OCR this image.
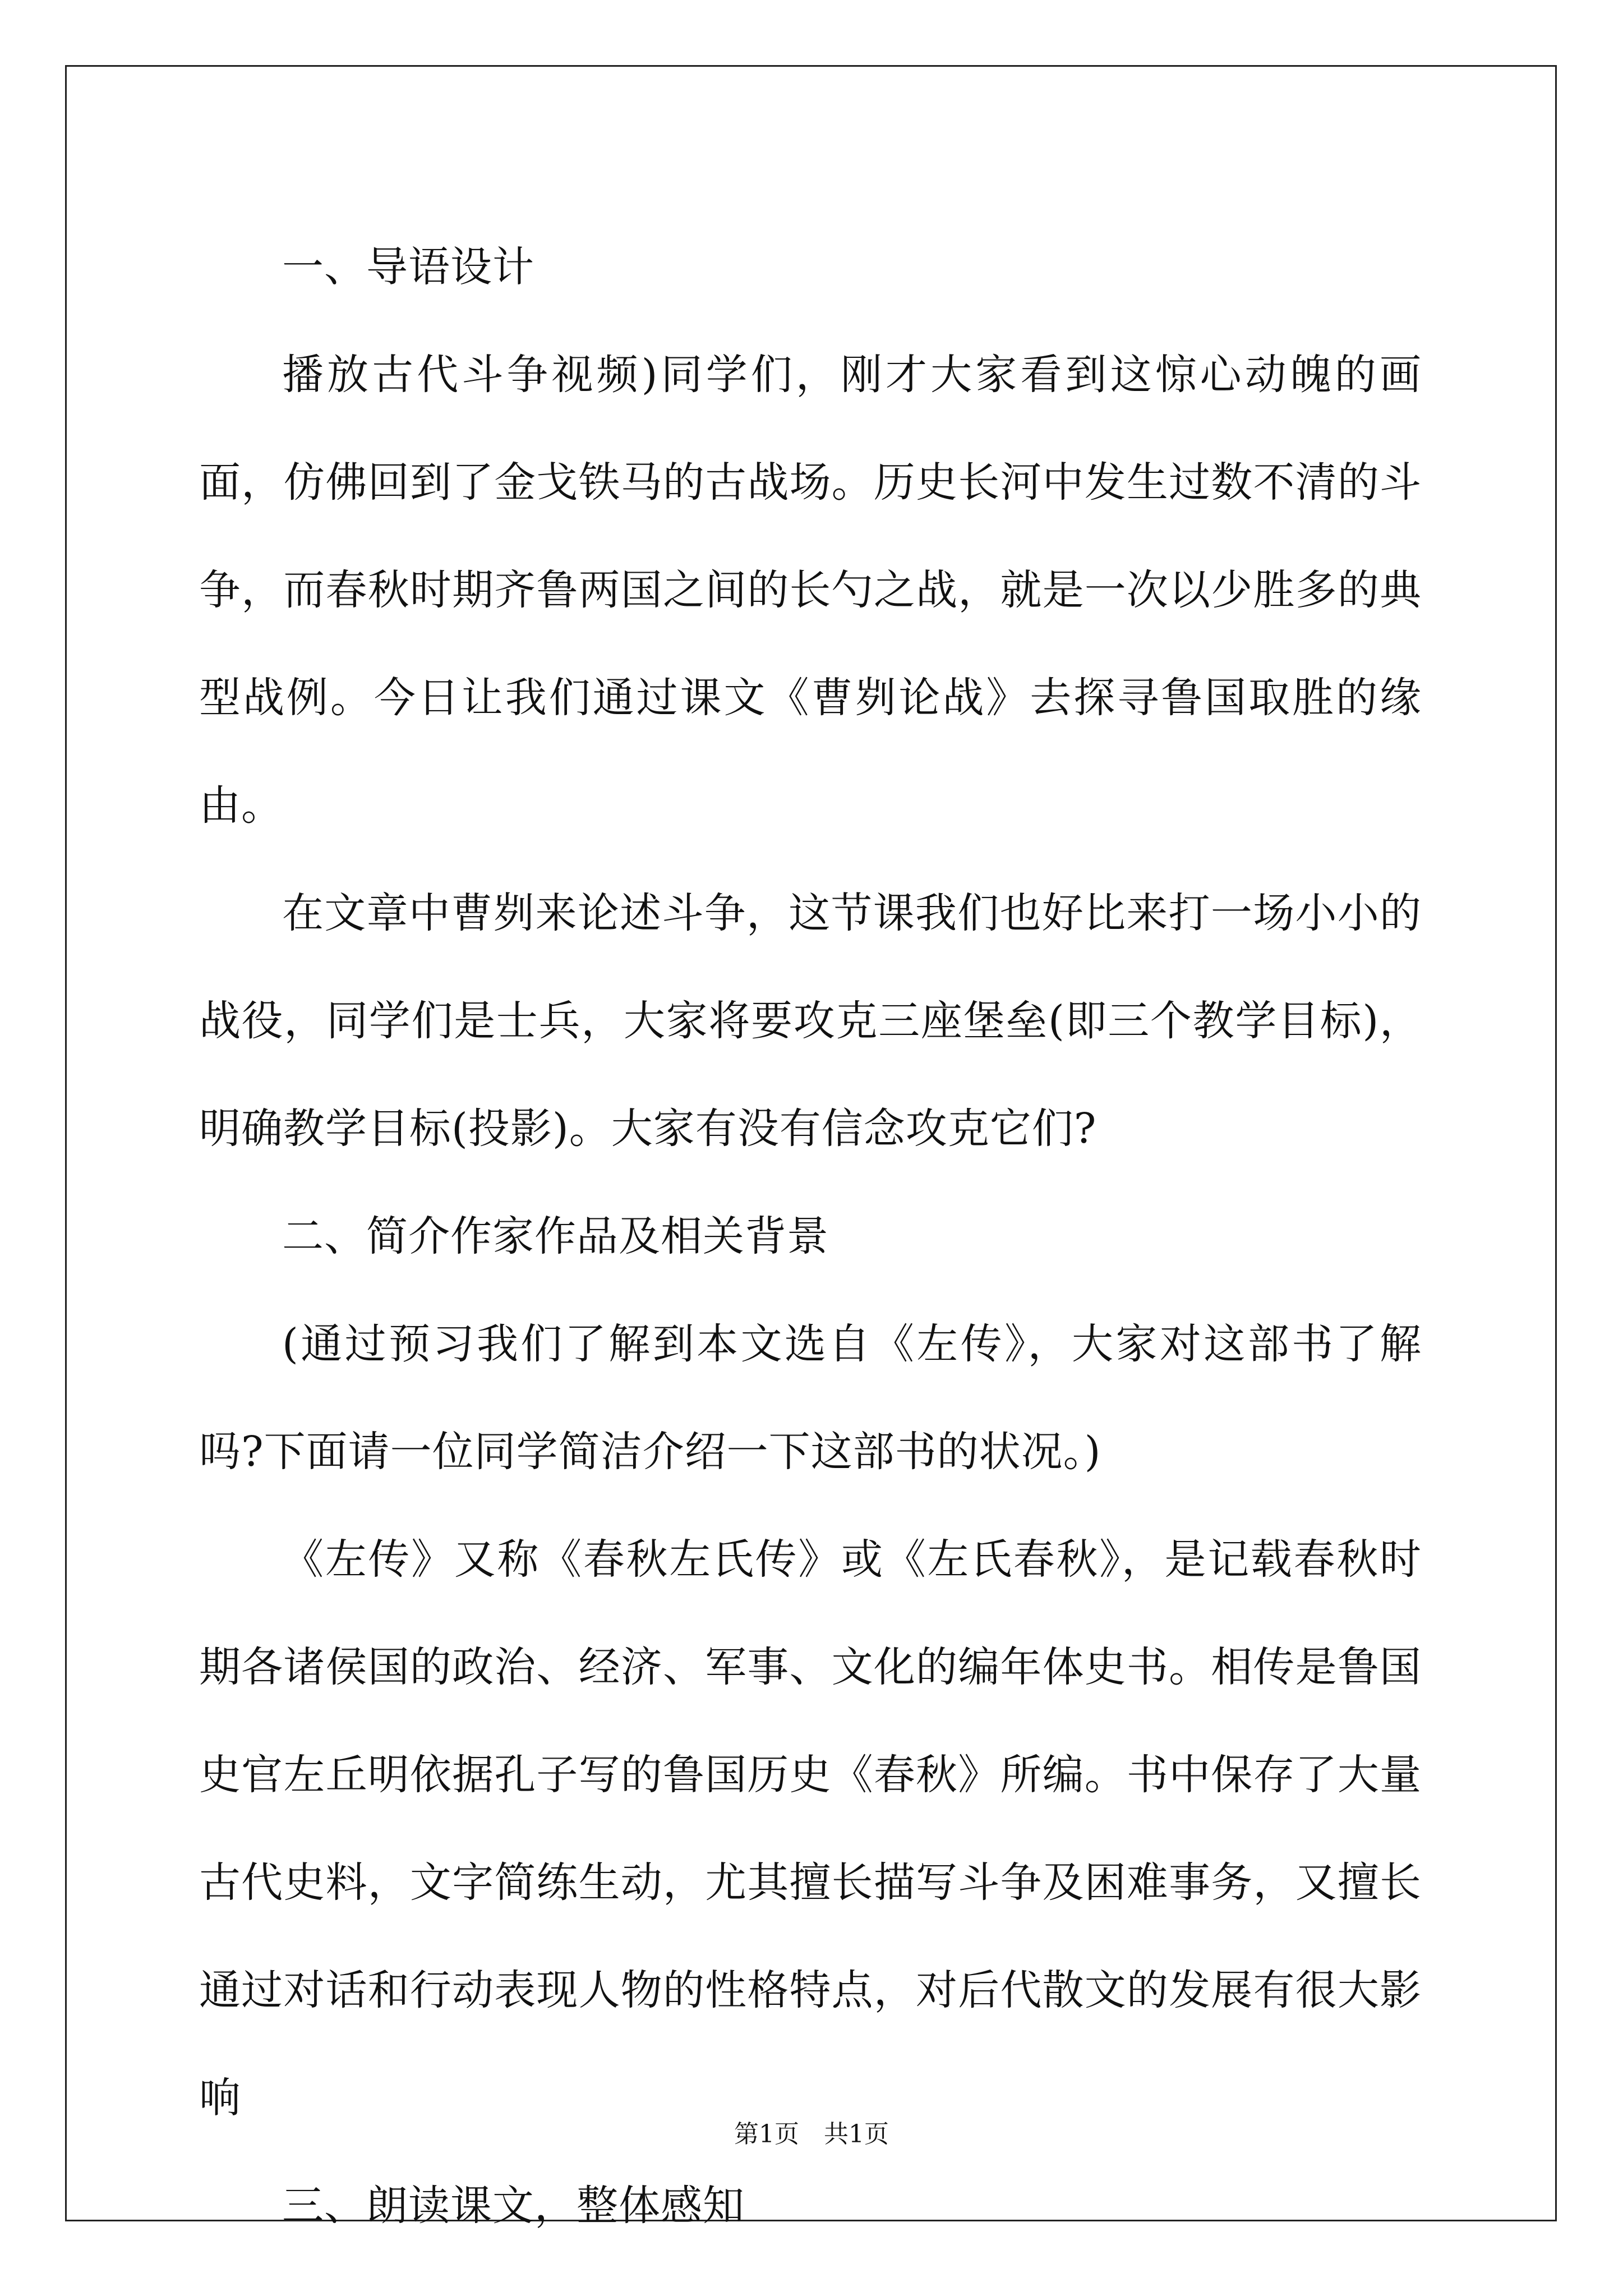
一、导语设计

播放古代斗争视频)同学们，刚才大家看到这惊心动魄的画面，仿佛回到了金戈铁马的古战场。历史长河中发生过数不清的斗争，而春秋时期齐鲁两国之间的长勺之战，就是一次以少胜多的典型战例。今日让我们通过课文《曹刿论战》去探寻鲁国取胜的缘由。

在文章中曹刿来论述斗争，这节课我们也好比来打一场小小的战役，同学们是士兵，大家将要攻克三座堡垒(即三个教学目标)，明确教学目标(投影)。大家有没有信念攻克它们?

二、简介作家作品及相关背景

(通过预习我们了解到本文选自《左传》，大家对这部书了解吗?下面请一位同学简洁介绍一下这部书的状况。)

《左传》又称《春秋左氏传》或《左氏春秋》，是记载春秋时期各诸侯国的政治、经济、军事、文化的编年体史书。相传是鲁国史官左丘明依据孔子写的鲁国历史《春秋》所编。书中保存了大量古代史料，文字简练生动，尤其擅长描写斗争及困难事务，又擅长通过对话和行动表现人物的性格特点，对后代散文的发展有很大影响

三、朗读课文，整体感知

第1页　共1页
